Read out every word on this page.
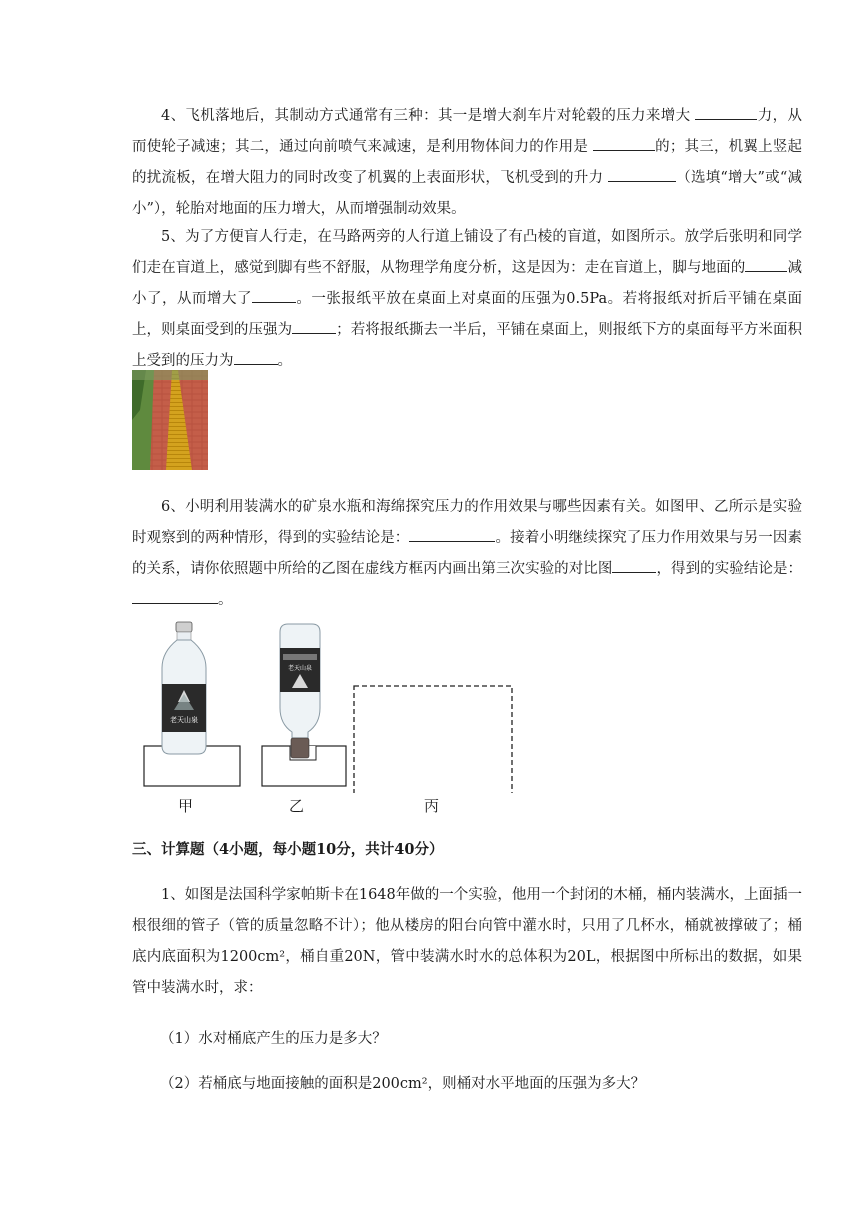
4、飞机落地后，其制动方式通常有三种：其一是增大刹车片对轮毂的压力来增大	力，从而使轮子减速；其二，通过向前喷气来减速，是利用物体间力的作用是	的；其三，机翼上竖起的扰流板，在增大阻力的同时改变了机翼的上表面形状，飞机受到的升力	（选填“增大”或“减小”），轮胎对地面的压力增大，从而增强制动效果。

5、为了方便盲人行走，在马路两旁的人行道上铺设了有凸棱的盲道，如图所示。放学后张明和同学们走在盲道上，感觉到脚有些不舒服，从物理学角度分析，这是因为：走在盲道上，脚与地面的	减小了，从而增大了	。一张报纸平放在桌面上对桌面的压强为0.5Pa。若将报纸对折后平铺在桌面上，则桌面受到的压强为	；若将报纸撕去一半后，平铺在桌面上，则报纸下方的桌面每平方米面积上受到的压力为	。

6、小明利用装满水的矿泉水瓶和海绵探究压力的作用效果与哪些因素有关。如图甲、乙所示是实验时观察到的两种情形，得到的实验结论是：	。接着小明继续探究了压力作用效果与另一因素的关系，请你依照题中所给的乙图在虚线方框丙内画出第三次实验的对比图	，得到的实验结论是：。

老天山泉
老天山泉
甲	乙	丙

三、计算题（4小题，每小题10分，共计40分）

1、如图是法国科学家帕斯卡在1648年做的一个实验，他用一个封闭的木桶，桶内装满水，上面插一根很细的管子（管的质量忽略不计）；他从楼房的阳台向管中灌水时，只用了几杯水，桶就被撑破了；桶底内底面积为1200cm²，桶自重20N，管中装满水时水的总体积为20L，根据图中所标出的数据，如果管中装满水时，求：

（1）水对桶底产生的压力是多大？

（2）若桶底与地面接触的面积是200cm²，则桶对水平地面的压强为多大？
